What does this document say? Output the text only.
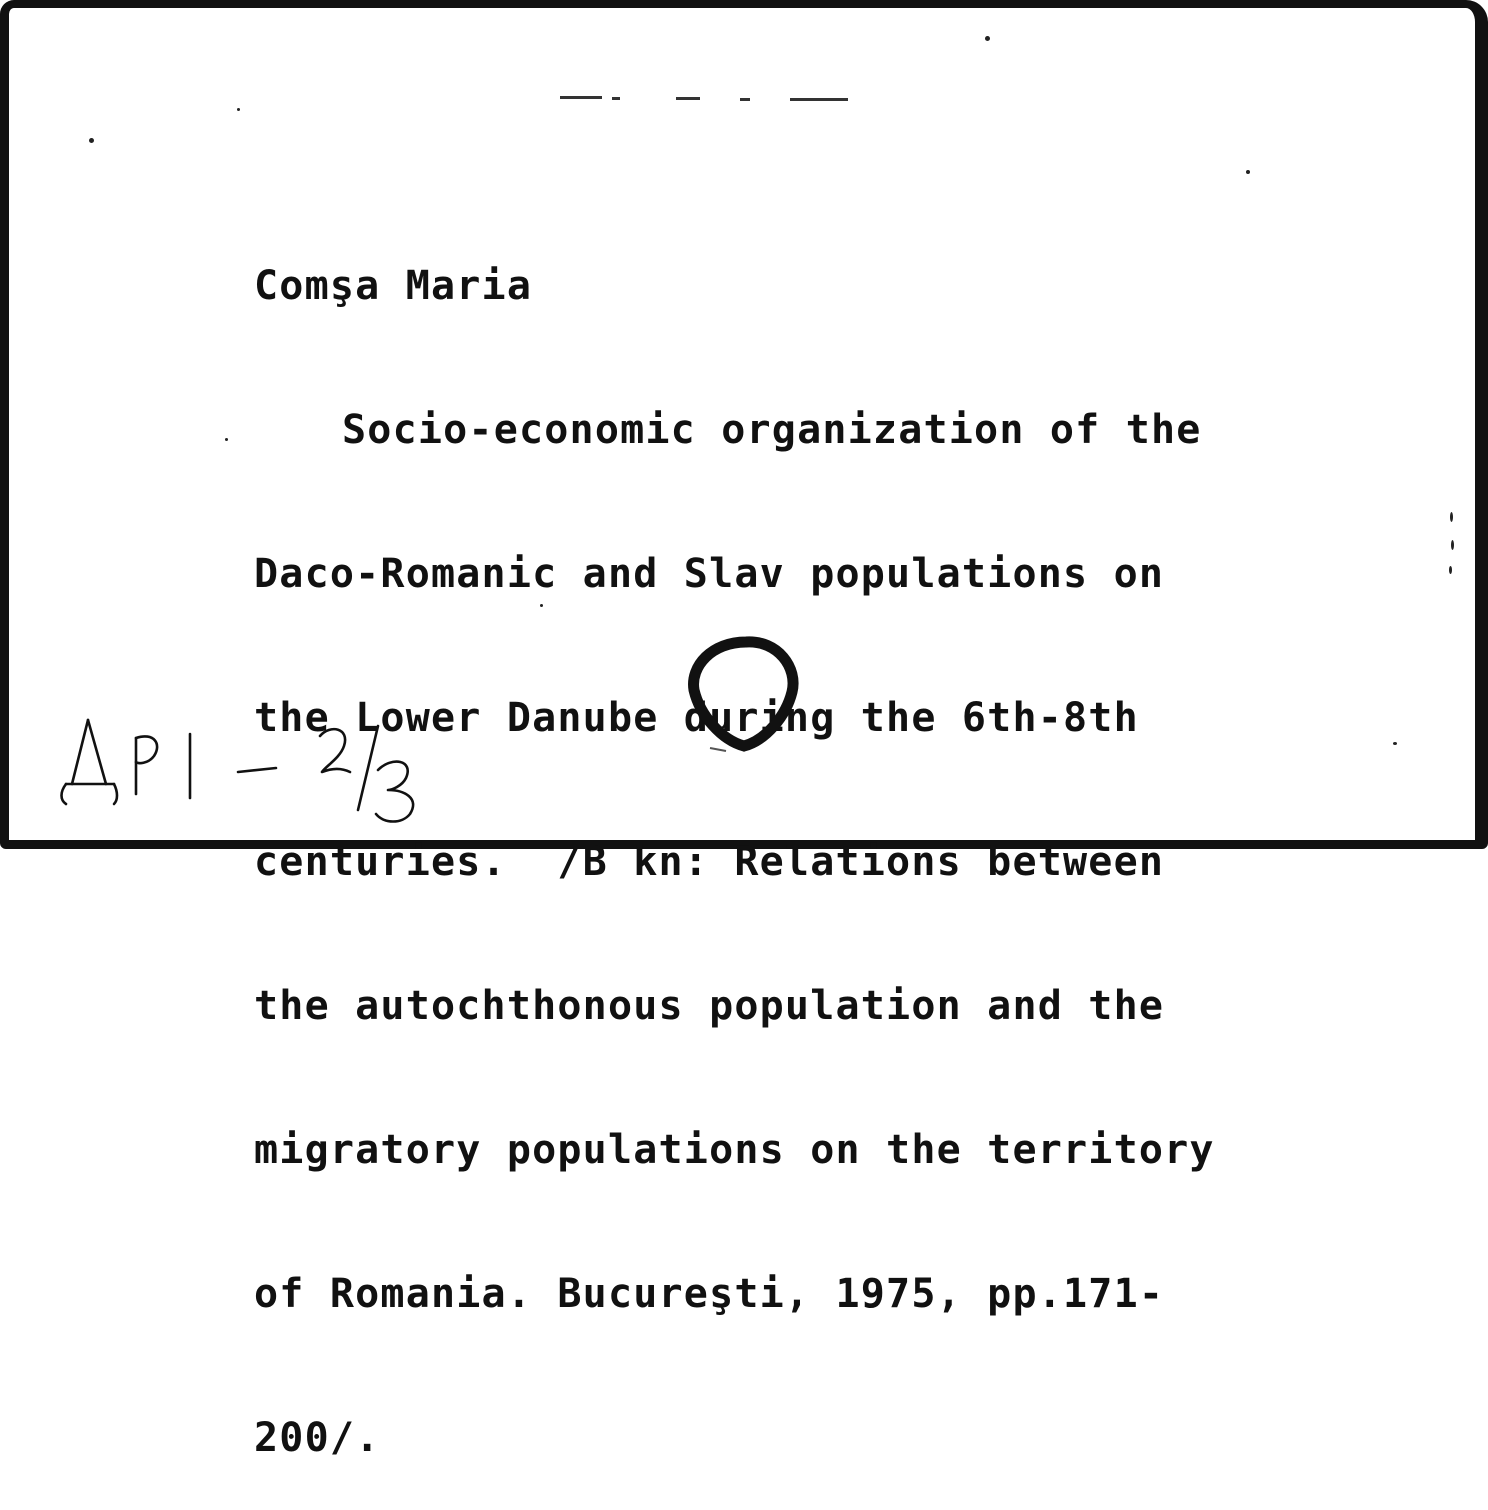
Comşa Maria

Socio-economic organization of the

Daco-Romanic and Slav populations on

the Lower Danube during the 6th-8th

centuries.  /B kn: Relations between

the autochthonous population and the

migratory populations on the territory

of Romania. Bucureşti, 1975, pp.171-

200/.
